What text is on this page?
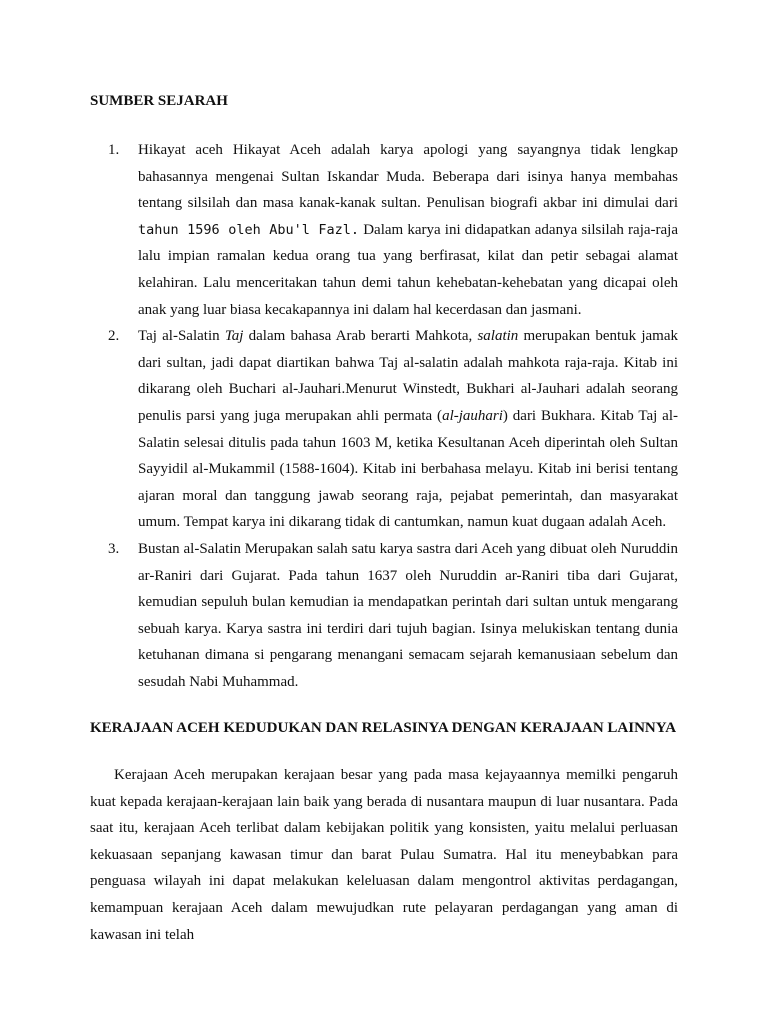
SUMBER SEJARAH
1. Hikayat aceh Hikayat Aceh adalah karya apologi yang sayangnya tidak lengkap bahasannya mengenai Sultan Iskandar Muda. Beberapa dari isinya hanya membahas tentang silsilah dan masa kanak-kanak sultan. Penulisan biografi akbar ini dimulai dari tahun 1596 oleh Abu'l Fazl. Dalam karya ini didapatkan adanya silsilah raja-raja lalu impian ramalan kedua orang tua yang berfirasat, kilat dan petir sebagai alamat kelahiran. Lalu menceritakan tahun demi tahun kehebatan-kehebatan yang dicapai oleh anak yang luar biasa kecakapannya ini dalam hal kecerdasan dan jasmani.
2. Taj al-Salatin Taj dalam bahasa Arab berarti Mahkota, salatin merupakan bentuk jamak dari sultan, jadi dapat diartikan bahwa Taj al-salatin adalah mahkota raja-raja. Kitab ini dikarang oleh Buchari al-Jauhari.Menurut Winstedt, Bukhari al-Jauhari adalah seorang penulis parsi yang juga merupakan ahli permata (al-jauhari) dari Bukhara. Kitab Taj al-Salatin selesai ditulis pada tahun 1603 M, ketika Kesultanan Aceh diperintah oleh Sultan Sayyidil al-Mukammil (1588-1604). Kitab ini berbahasa melayu. Kitab ini berisi tentang ajaran moral dan tanggung jawab seorang raja, pejabat pemerintah, dan masyarakat umum. Tempat karya ini dikarang tidak di cantumkan, namun kuat dugaan adalah Aceh.
3. Bustan al-Salatin Merupakan salah satu karya sastra dari Aceh yang dibuat oleh Nuruddin ar-Raniri dari Gujarat. Pada tahun 1637 oleh Nuruddin ar-Raniri tiba dari Gujarat, kemudian sepuluh bulan kemudian ia mendapatkan perintah dari sultan untuk mengarang sebuah karya. Karya sastra ini terdiri dari tujuh bagian. Isinya melukiskan tentang dunia ketuhanan dimana si pengarang menangani semacam sejarah kemanusiaan sebelum dan sesudah Nabi Muhammad.
KERAJAAN ACEH KEDUDUKAN DAN RELASINYA DENGAN KERAJAAN LAINNYA

Kerajaan Aceh merupakan kerajaan besar yang pada masa kejayaannya memilki pengaruh kuat kepada kerajaan-kerajaan lain baik yang berada di nusantara maupun di luar nusantara. Pada saat itu, kerajaan Aceh terlibat dalam kebijakan politik yang konsisten, yaitu melalui perluasan kekuasaan sepanjang kawasan timur dan barat Pulau Sumatra. Hal itu meneybabkan para penguasa wilayah ini dapat melakukan keleluasan dalam mengontrol aktivitas perdagangan, kemampuan kerajaan Aceh dalam mewujudkan rute pelayaran perdagangan yang aman di kawasan ini telah
